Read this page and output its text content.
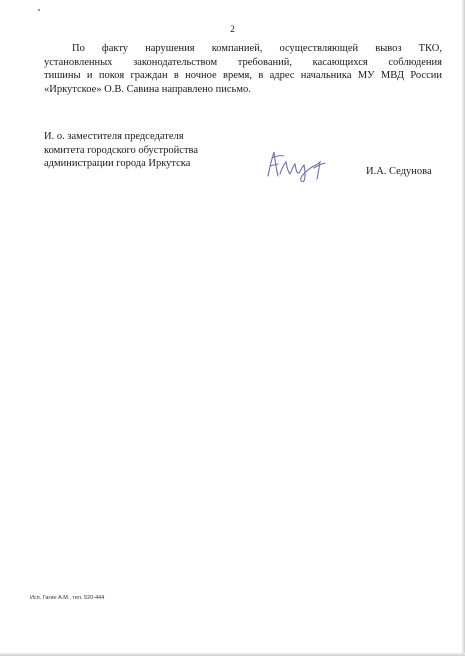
2
По факту нарушения компанией, осуществляющей вывоз ТКО,
установленных законодательством требований, касающихся соблюдения
тишины и покоя граждан в ночное время, в адрес начальника МУ МВД России
«Иркутское» О.В. Савина направлено письмо.
И. о. заместителя председателя
комитета городского обустройства
администрации города Иркутска
И.А. Седунова
Исп. Гагин А.М., тел. 520-444
